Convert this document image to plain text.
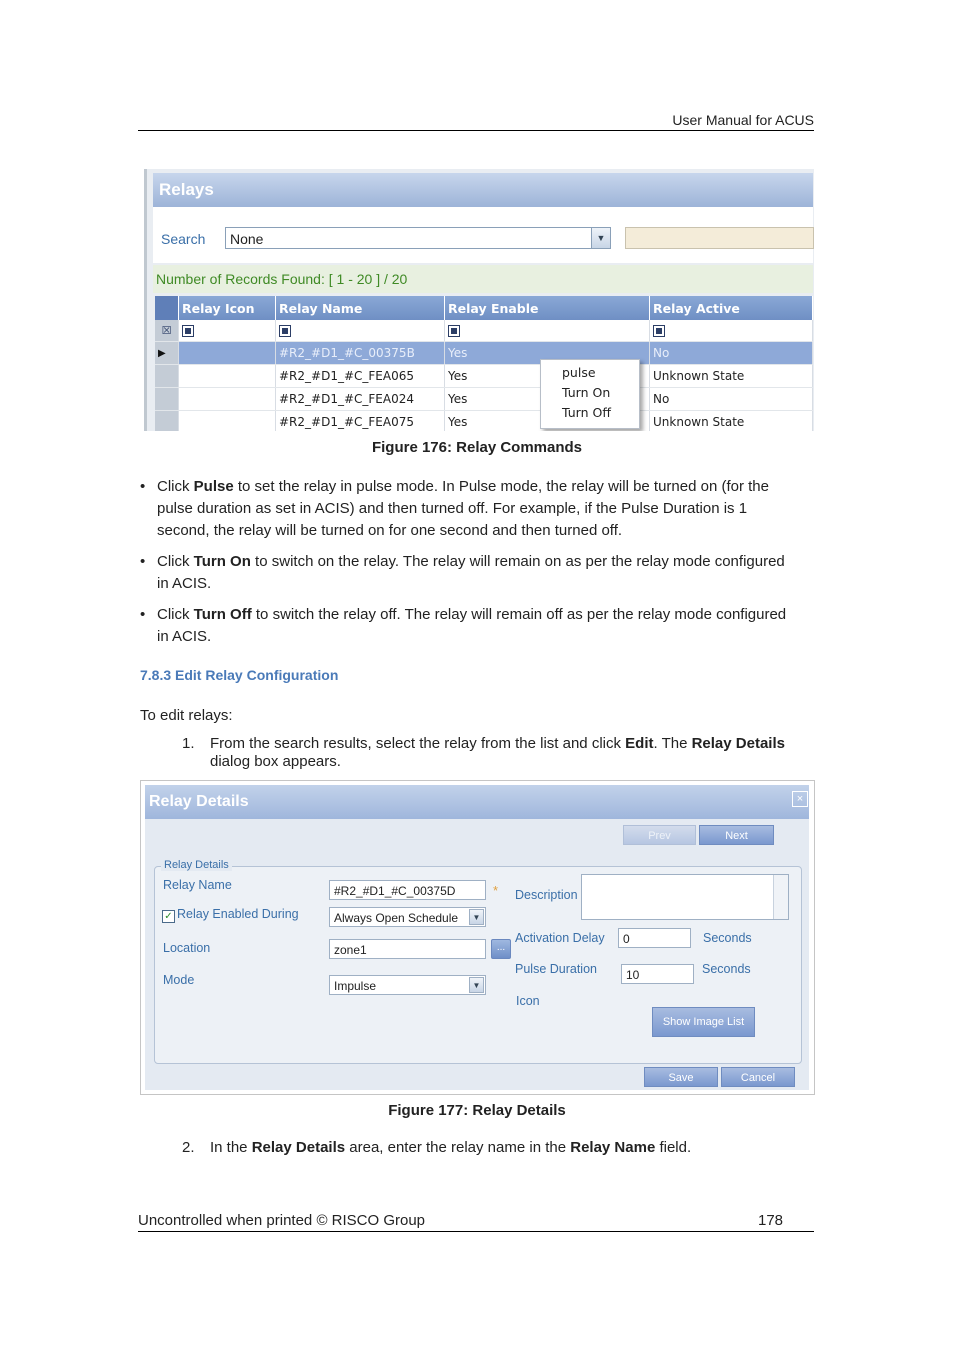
User Manual for ACUS
Relays
Search	None	▼
Number of Records Found: [ 1 - 20 ] / 20
	Relay Icon	Relay Name	Relay Enable	Relay Active
☒				
▶		#R2_#D1_#C_00375B	Yes	No
		#R2_#D1_#C_FEA065	Yes	Unknown State
		#R2_#D1_#C_FEA024	Yes	No
		#R2_#D1_#C_FEA075	Yes	Unknown State
pulse
Turn On
Turn Off
Figure 176: Relay Commands
• Click Pulse to set the relay in pulse mode. In Pulse mode, the relay will be turned on (for the
pulse duration as set in ACIS) and then turned off. For example, if the Pulse Duration is 1
second, the relay will be turned on for one second and then turned off.
• Click Turn On to switch on the relay. The relay will remain on as per the relay mode configured
in ACIS.
• Click Turn Off to switch the relay off. The relay will remain off as per the relay mode configured
in ACIS.
7.8.3 Edit Relay Configuration
To edit relays:
1. From the search results, select the relay from the list and click Edit. The Relay Details
dialog box appears.
Relay Details	×
Prev	Next
Relay Details
Relay Name	#R2_#D1_#C_00375D	*
✓ Relay Enabled During	Always Open Schedule	▼
Location	zone1	...
Mode	Impulse	▼
Description
Activation Delay	0	Seconds
Pulse Duration	10	Seconds
Icon
Show Image List
Save	Cancel
Figure 177: Relay Details
2. In the Relay Details area, enter the relay name in the Relay Name field.
Uncontrolled when printed © RISCO Group	178
